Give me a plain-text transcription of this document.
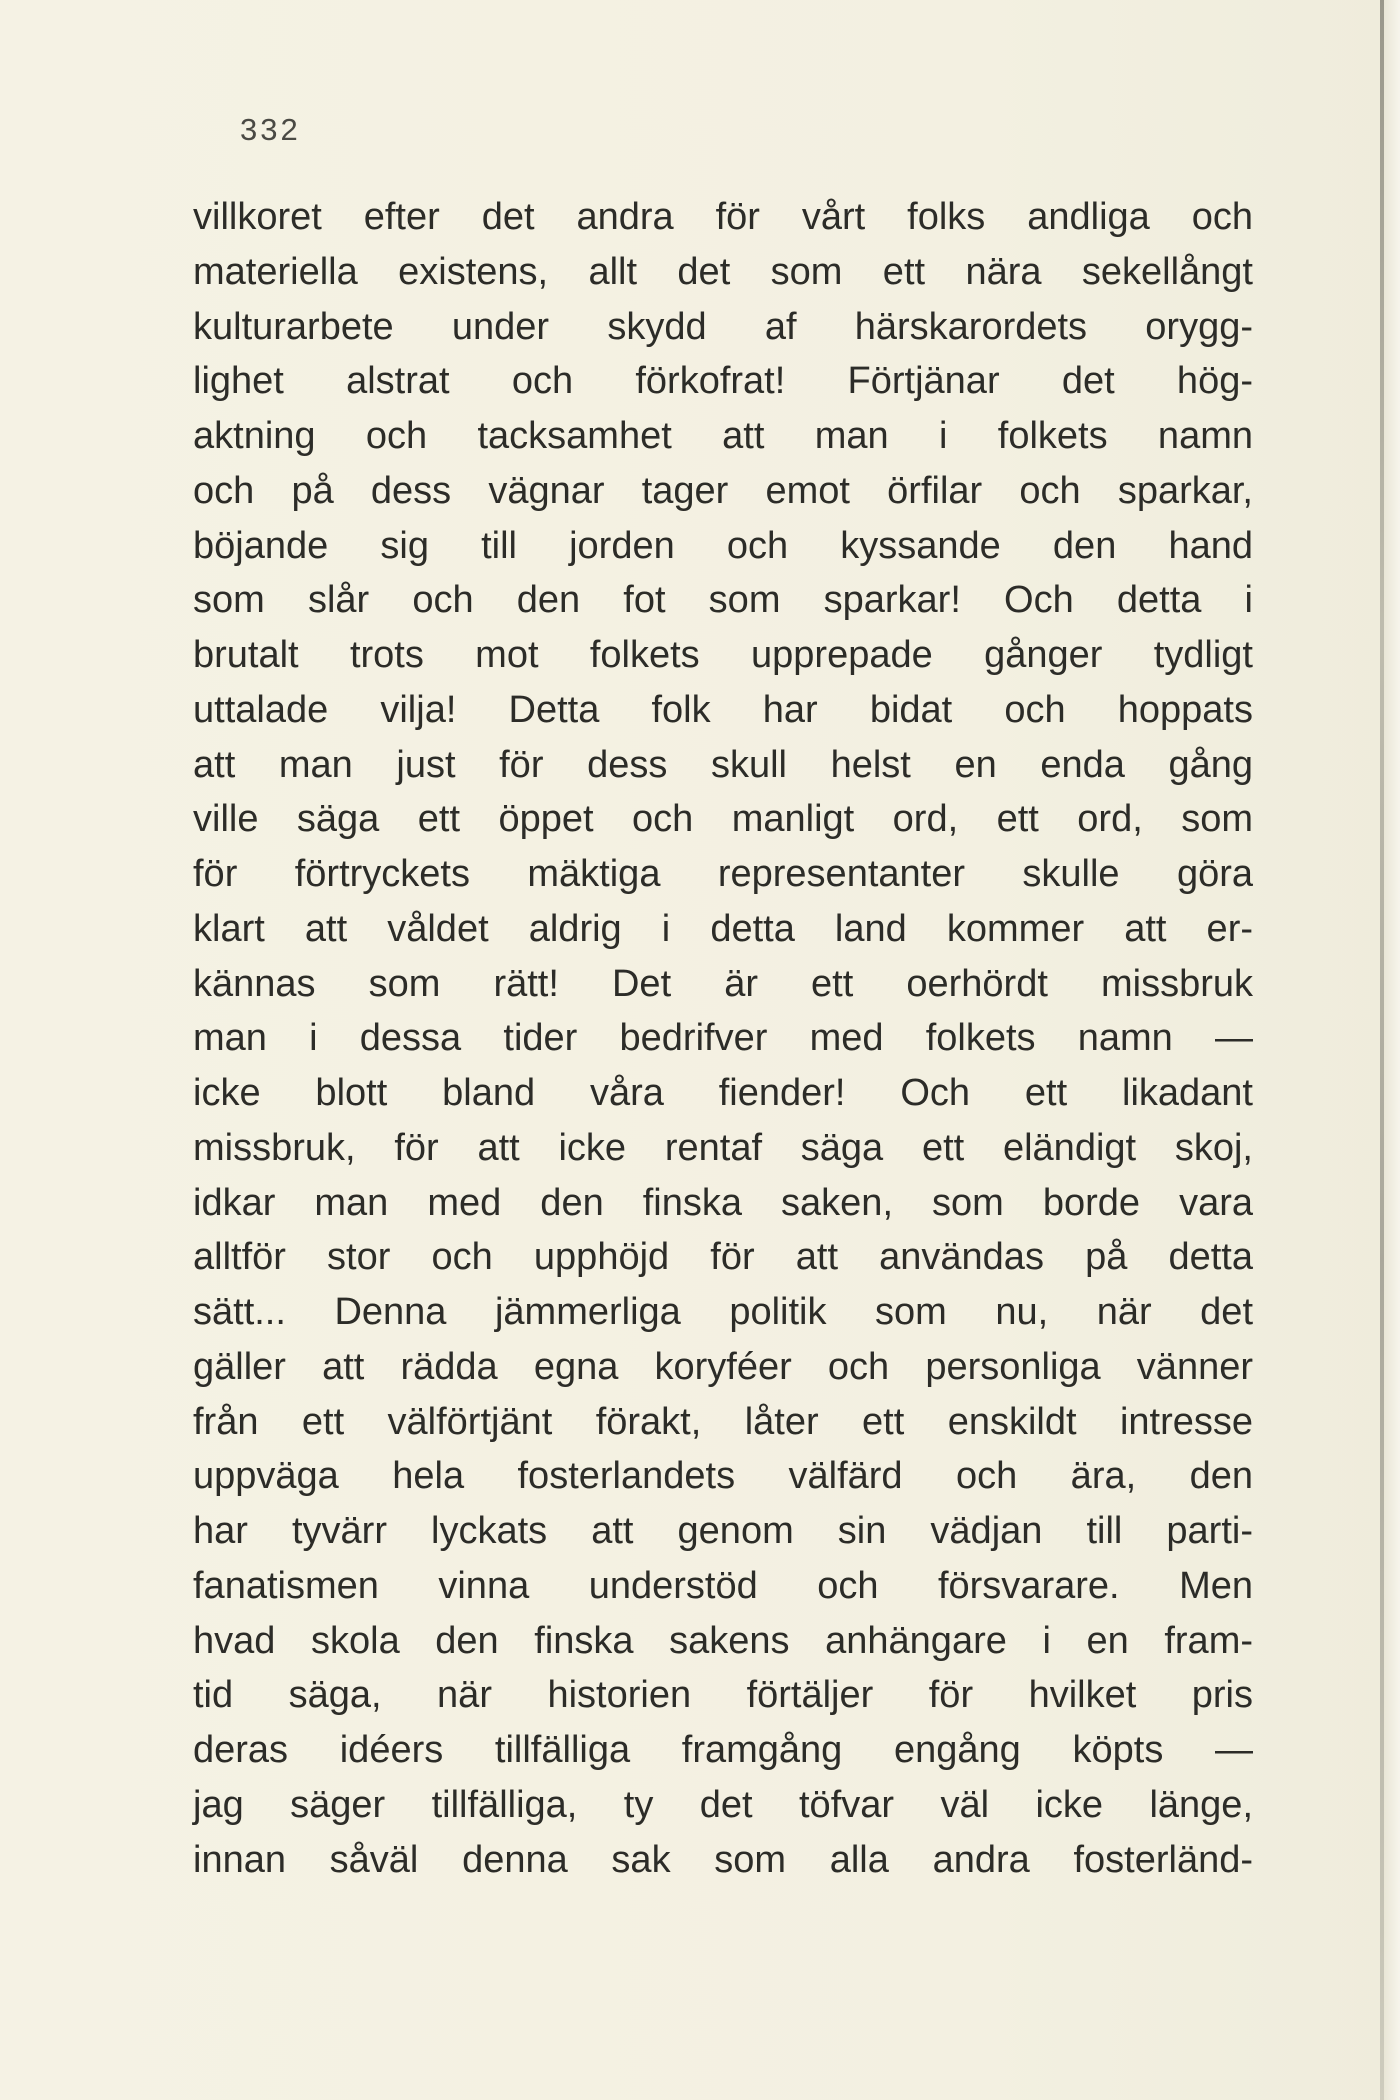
332
villkoret efter det andra för vårt folks andliga och
materiella existens, allt det som ett nära sekellångt
kulturarbete under skydd af härskarordets orygg-
lighet alstrat och förkofrat! Förtjänar det hög-
aktning och tacksamhet att man i folkets namn
och på dess vägnar tager emot örfilar och sparkar,
böjande sig till jorden och kyssande den hand
som slår och den fot som sparkar! Och detta i
brutalt trots mot folkets upprepade gånger tydligt
uttalade vilja! Detta folk har bidat och hoppats
att man just för dess skull helst en enda gång
ville säga ett öppet och manligt ord, ett ord, som
för förtryckets mäktiga representanter skulle göra
klart att våldet aldrig i detta land kommer att er-
kännas som rätt! Det är ett oerhördt missbruk
man i dessa tider bedrifver med folkets namn —
icke blott bland våra fiender! Och ett likadant
missbruk, för att icke rentaf säga ett eländigt skoj,
idkar man med den finska saken, som borde vara
alltför stor och upphöjd för att användas på detta
sätt... Denna jämmerliga politik som nu, när det
gäller att rädda egna koryféer och personliga vänner
från ett välförtjänt förakt, låter ett enskildt intresse
uppväga hela fosterlandets välfärd och ära, den
har tyvärr lyckats att genom sin vädjan till parti-
fanatismen vinna understöd och försvarare. Men
hvad skola den finska sakens anhängare i en fram-
tid säga, när historien förtäljer för hvilket pris
deras idéers tillfälliga framgång engång köpts —
jag säger tillfälliga, ty det töfvar väl icke länge,
innan såväl denna sak som alla andra fosterländ-
